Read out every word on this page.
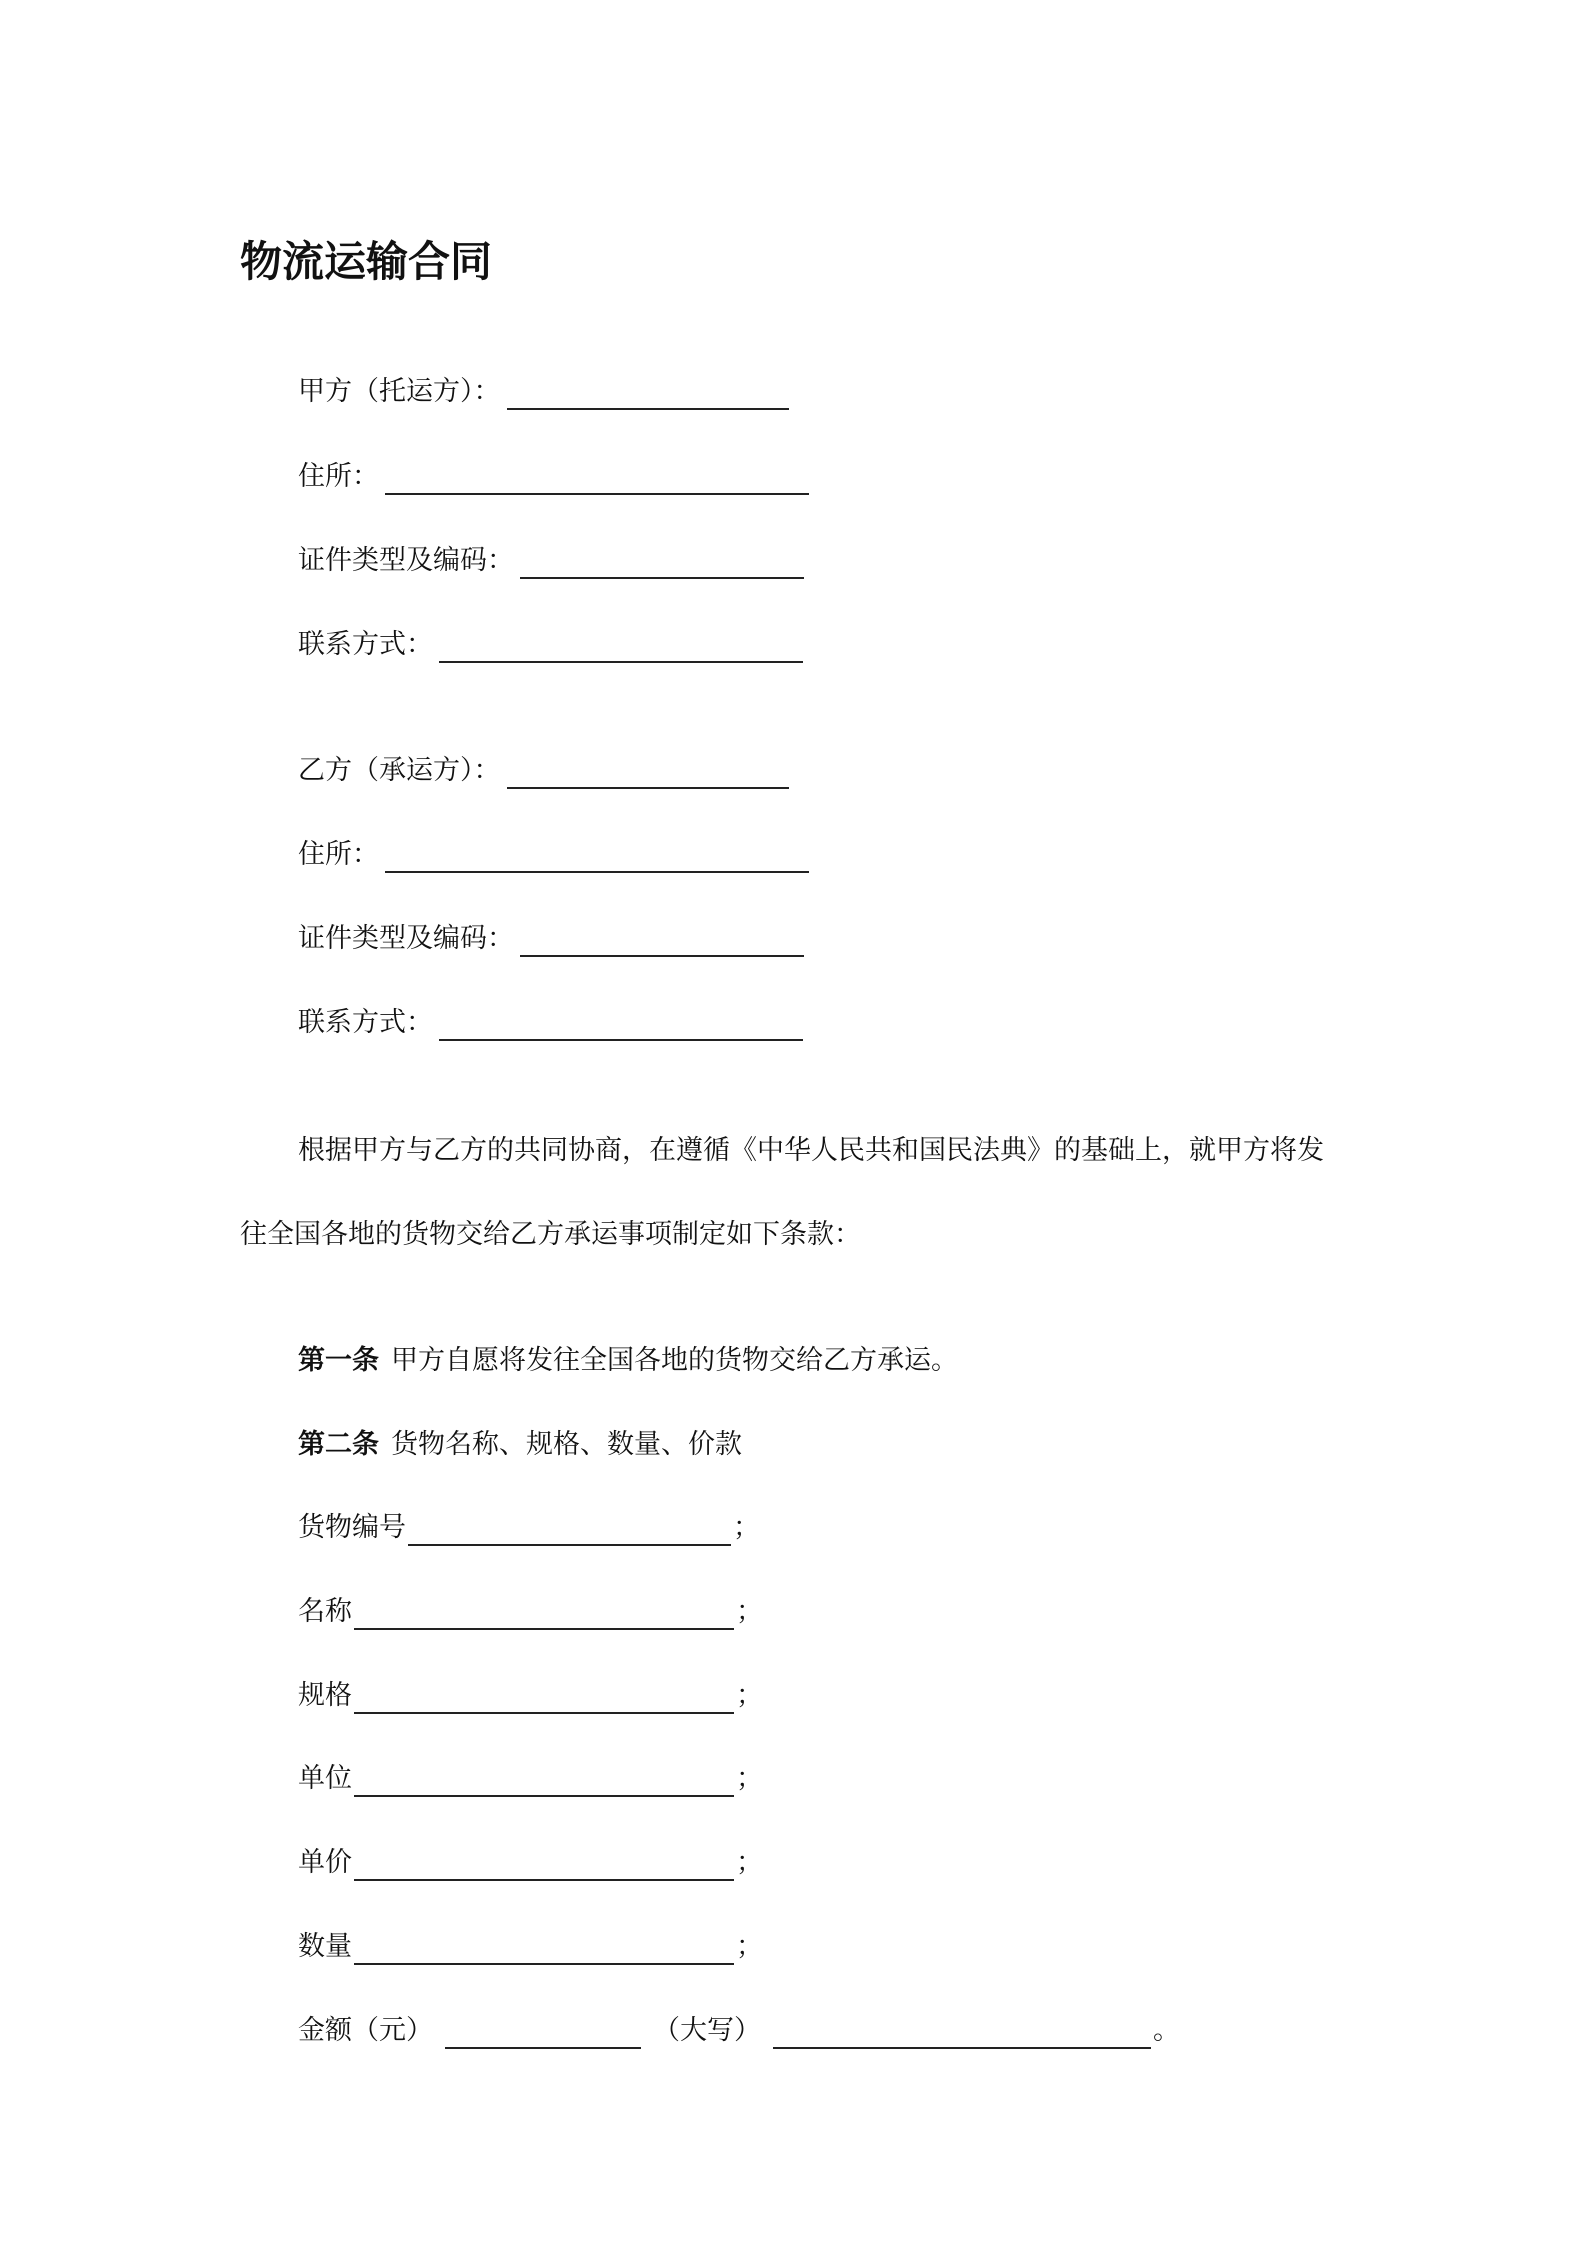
物流运输合同
甲方（托运方）：
住所：
证件类型及编码：
联系方式：
乙方（承运方）：
住所：
证件类型及编码：
联系方式：
根据甲方与乙方的共同协商，在遵循《中华人民共和国民法典》的基础上，就甲方将发
往全国各地的货物交给乙方承运事项制定如下条款：
第一条 甲方自愿将发往全国各地的货物交给乙方承运。
第二条 货物名称、规格、数量、价款
货物编号	；
名称	；
规格	；
单位	；
单价	；
数量	；
金额（元）	（大写）	。
